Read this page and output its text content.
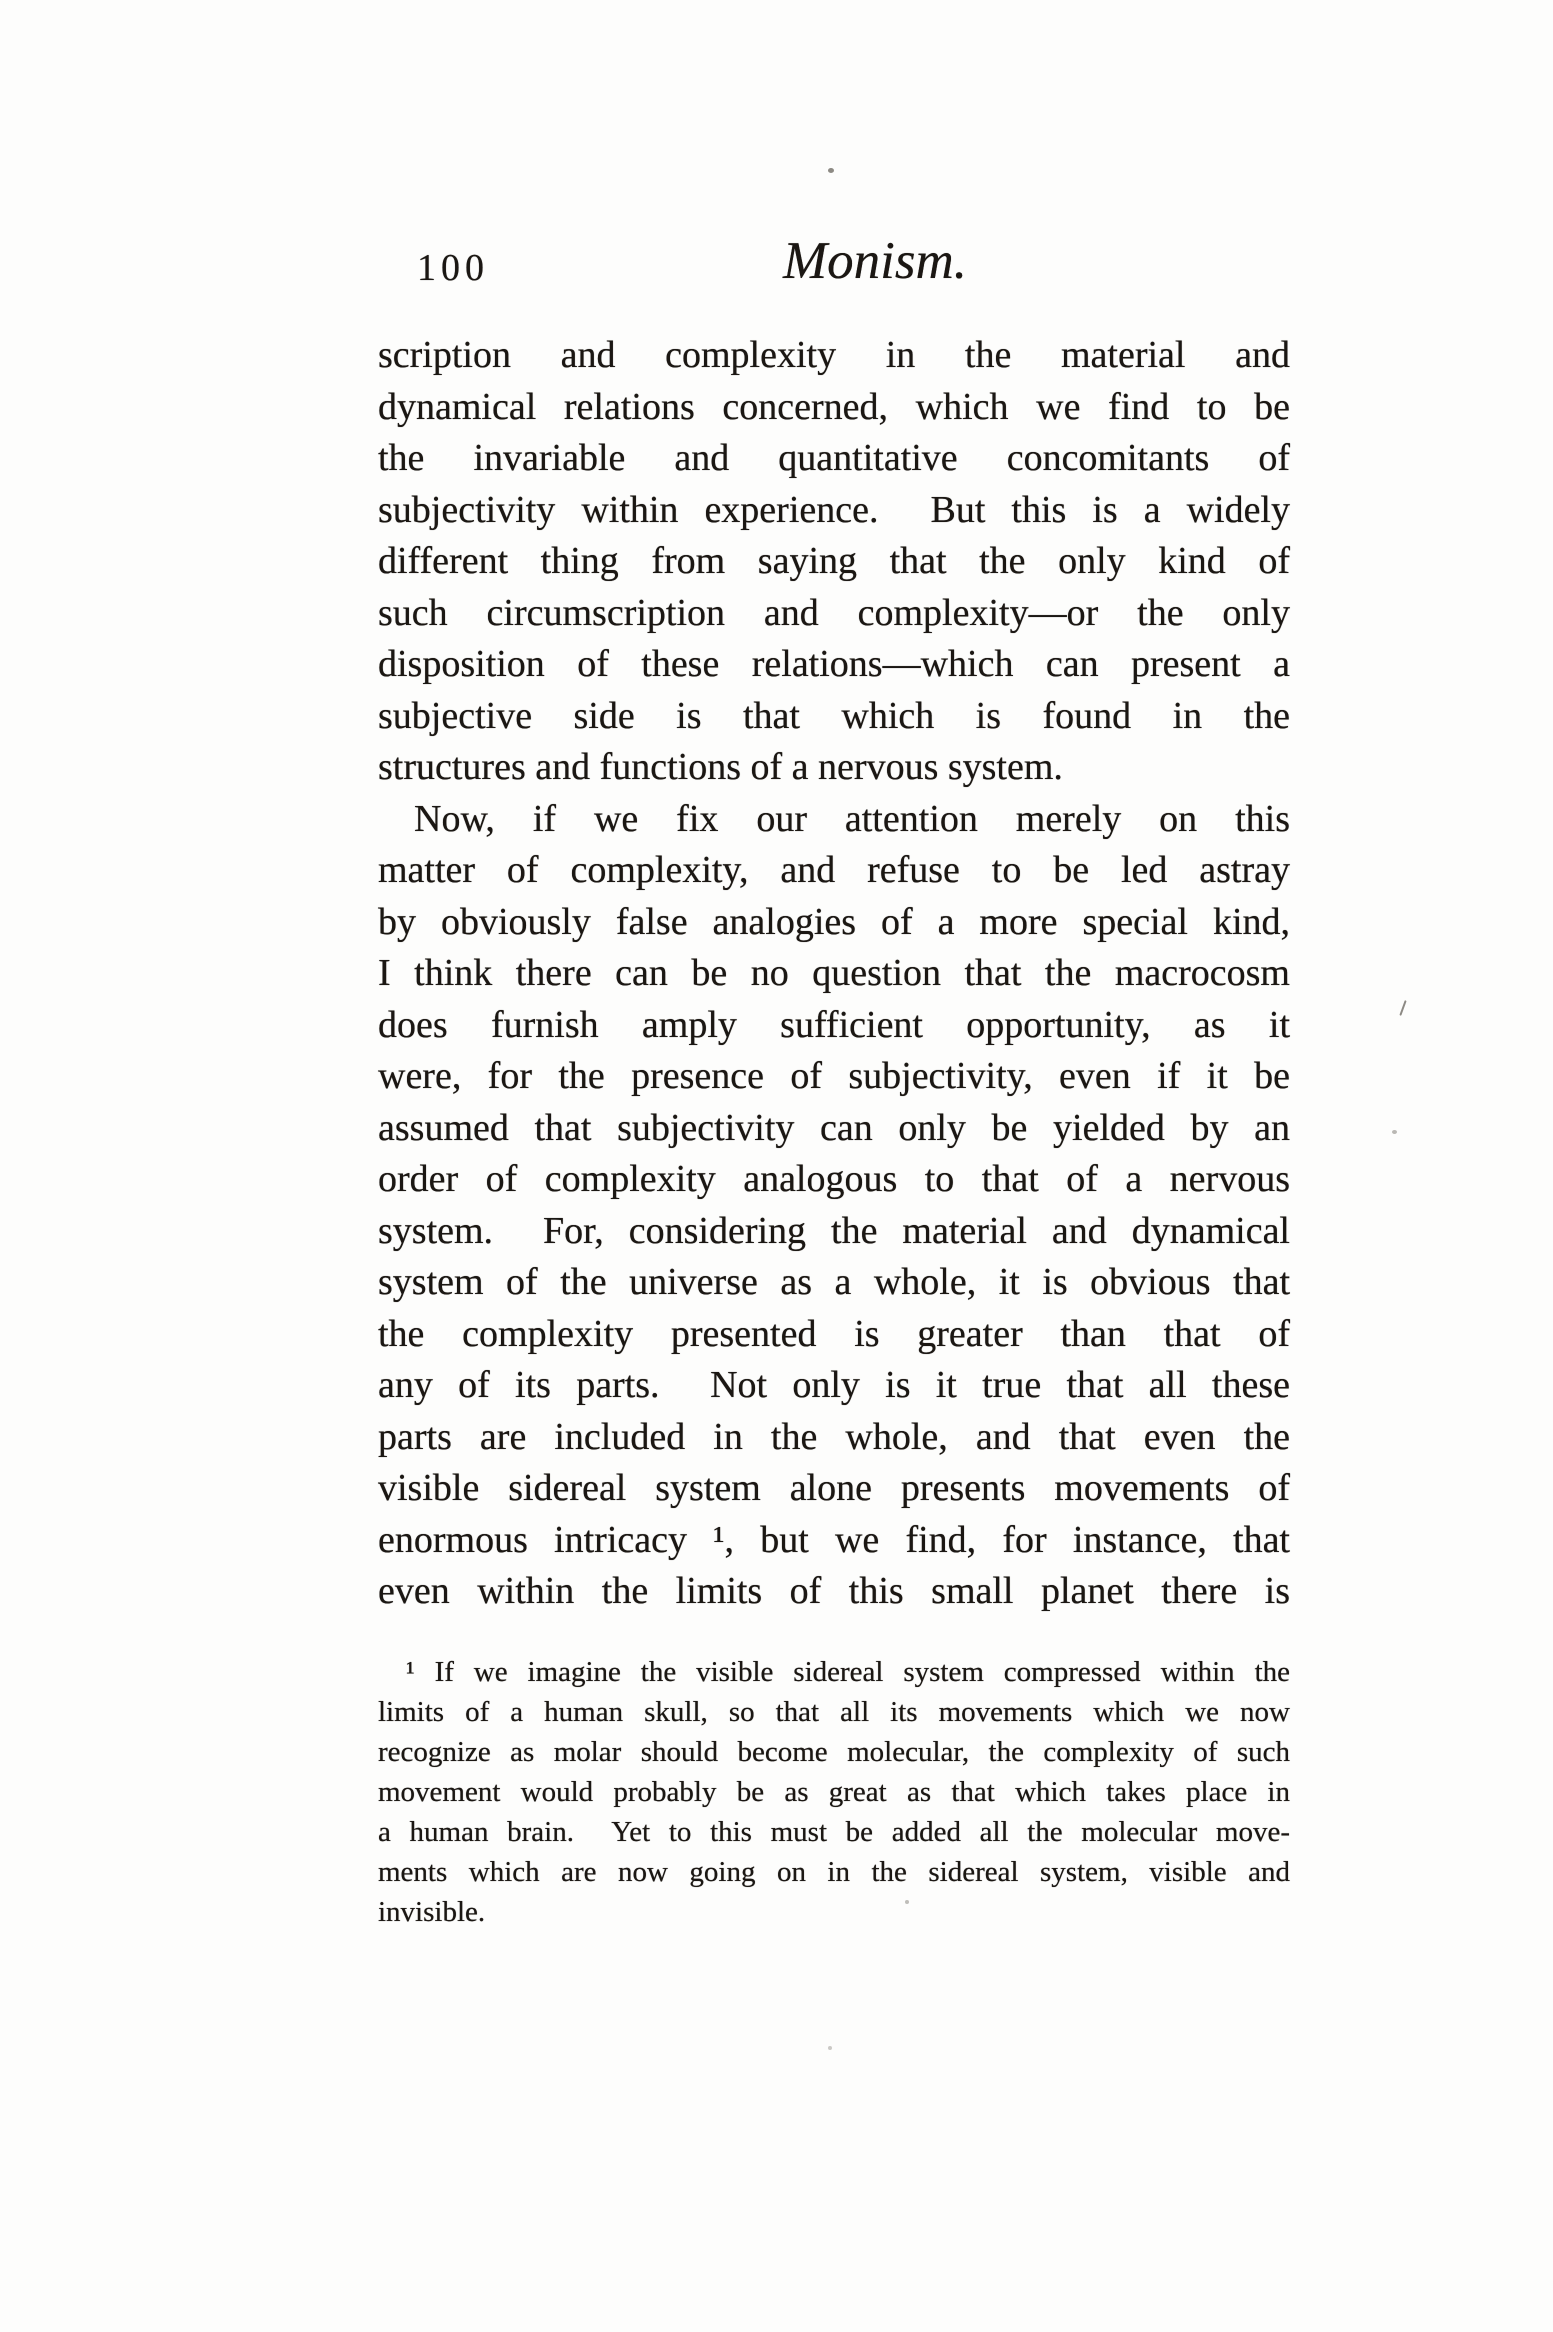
100	Monism.
scription and complexity in the material and
dynamical relations concerned, which we find to be
the invariable and quantitative concomitants of
subjectivity within experience.  But this is a widely
different thing from saying that the only kind of
such circumscription and complexity—or the only
disposition of these relations—which can present a
subjective side is that which is found in the
structures and functions of a nervous system.
Now, if we fix our attention merely on this
matter of complexity, and refuse to be led astray
by obviously false analogies of a more special kind,
I think there can be no question that the macrocosm
does furnish amply sufficient opportunity, as it
were, for the presence of subjectivity, even if it be
assumed that subjectivity can only be yielded by an
order of complexity analogous to that of a nervous
system.  For, considering the material and dynamical
system of the universe as a whole, it is obvious that
the complexity presented is greater than that of
any of its parts.  Not only is it true that all these
parts are included in the whole, and that even the
visible sidereal system alone presents movements of
enormous intricacy ¹, but we find, for instance, that
even within the limits of this small planet there is
¹ If we imagine the visible sidereal system compressed within the
limits of a human skull, so that all its movements which we now
recognize as molar should become molecular, the complexity of such
movement would probably be as great as that which takes place in
a human brain.  Yet to this must be added all the molecular move-
ments which are now going on in the sidereal system, visible and
invisible.
